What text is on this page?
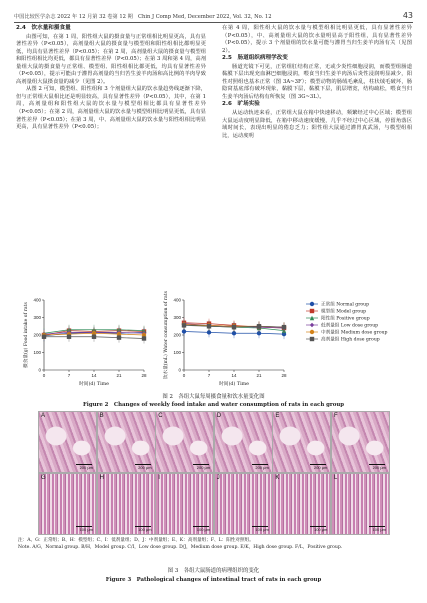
中国比较医学杂志 2022 年 12 月第 32 卷第 12 期　Chin J Comp Med, December 2022, Vol. 32, No. 12	43
2.4　饮水量和摄食量

由图可知，在第 1 周，阳性组大鼠的摄食量与正常组相比明显更高，具有显著性差异（P<0.05），高剂量组大鼠的摄食量与模型组和阳性组相比都明显更低，均具有显著性差异（P<0.05）；在第 2 周，高剂量组大鼠的摄食量与模型组和阳性组相比均更低，都具有显著性差异（P<0.05）；在第 3 周和第 4 周，高剂量组大鼠的摄食量与正常组、模型组、阳性组相比都更低，均具有显著性差异（P<0.05），提示可能由于灌胃高剂量的当归苦生姜羊肉汤和高比例的羊肉导致高剂量组大鼠摄食量的减少（见图 2）。

从图 2 可知，模型组、阳性组和 3 个剂量组大鼠的饮水量趋势线逐渐下降，但与正常组大鼠相比还是明显较高，具有显著性差异（P<0.05），其中，在第 1 周，高剂量组和阳性组大鼠的饮水量与模型组相比都具有显著性差异（P<0.05）；在第 2 周，高剂量组大鼠的饮水量与模型组相比明显更低，具有显著性差异（P<0.05）；在第 3 周，中、高剂量组大鼠的饮水量与阳性组相比明显更高，具有显著性差异（P<0.05）；

在第 4 周，阳性组大鼠的饮水量与模型组相比明显更低，具有显著性差异（P<0.05），中、高剂量组大鼠的饮水量明显高于阳性组，具有显著性差异（P<0.05），提示 3 个剂量组的饮水量可能与灌胃当归生姜羊肉汤有关（见图 2）。

2.5　肠道组织病理学改变

肠道光镜下可见，正常组肛结构正常，无或少炎性细胞浸润，而模型组肠道黏膜下层出现充血淋巴细胞浸润，喂食当归生姜羊肉汤后炎性浸润明显减少，阳性对照组也基本正常（图 3A~3F）；模型动物的肠绒毛紊乱，柱状绒毛破坏，肠隐窝基底部有破坏现象，黏膜下层，黏膜下层，肌层增宽，结构疏松，喂食当归生姜羊肉汤后结构有所恢复（图 3G~3L）。

2.6　旷场实验

从运动轨迹来看，正常组大鼠在箱中快速移动，频繁经过中心区域；模型组大鼠运动度明显降低，在箱中移动速度缓慢，几乎不经过中心区域，停留角落区域时间长，表现出明显的倦怠乏力；阳性组大鼠通过灌胃真武汤，与模型组相比，运动度明

0
100
200
300
400
0	7	14	21	28
时间(d) Time
摄食量(g) Food intake of rats
0
100
200
300
400
0	7	14	21	28
时间(d) Time
饮水量(mL) Water consumption of rats	正常组 Normal group
模型组 Model group
阳性组 Positive group
低剂量组 Low dose group
中剂量组 Medium dose group
高剂量组 High dose group
图 2　各组大鼠每周摄食量和饮水量变化图
Figure 2　Changes of weekly food intake and water consumption of rats in each group
A
200 μm
B
200 μm
C
200 μm
D
200 μm
E
200 μm
F
200 μm
G
100 μm
H
100 μm
I
100 μm
J
100 μm
K
100 μm
L
100 μm
注：A、G：正常组；B、H：模型组；C、I：低剂量组；D、J：中剂量组；E、K：高剂量组；F、L：阳性对照组。
Note. A/G，Normal group. B/H，Model group. C/I，Low dose group. D/J，Medium dose group. E/K，High dose group. F/L，Positive group.
图 3　各组大鼠肠道的病理组织的变化
Figure 3　Pathological changes of intestinal tract of rats in each group
